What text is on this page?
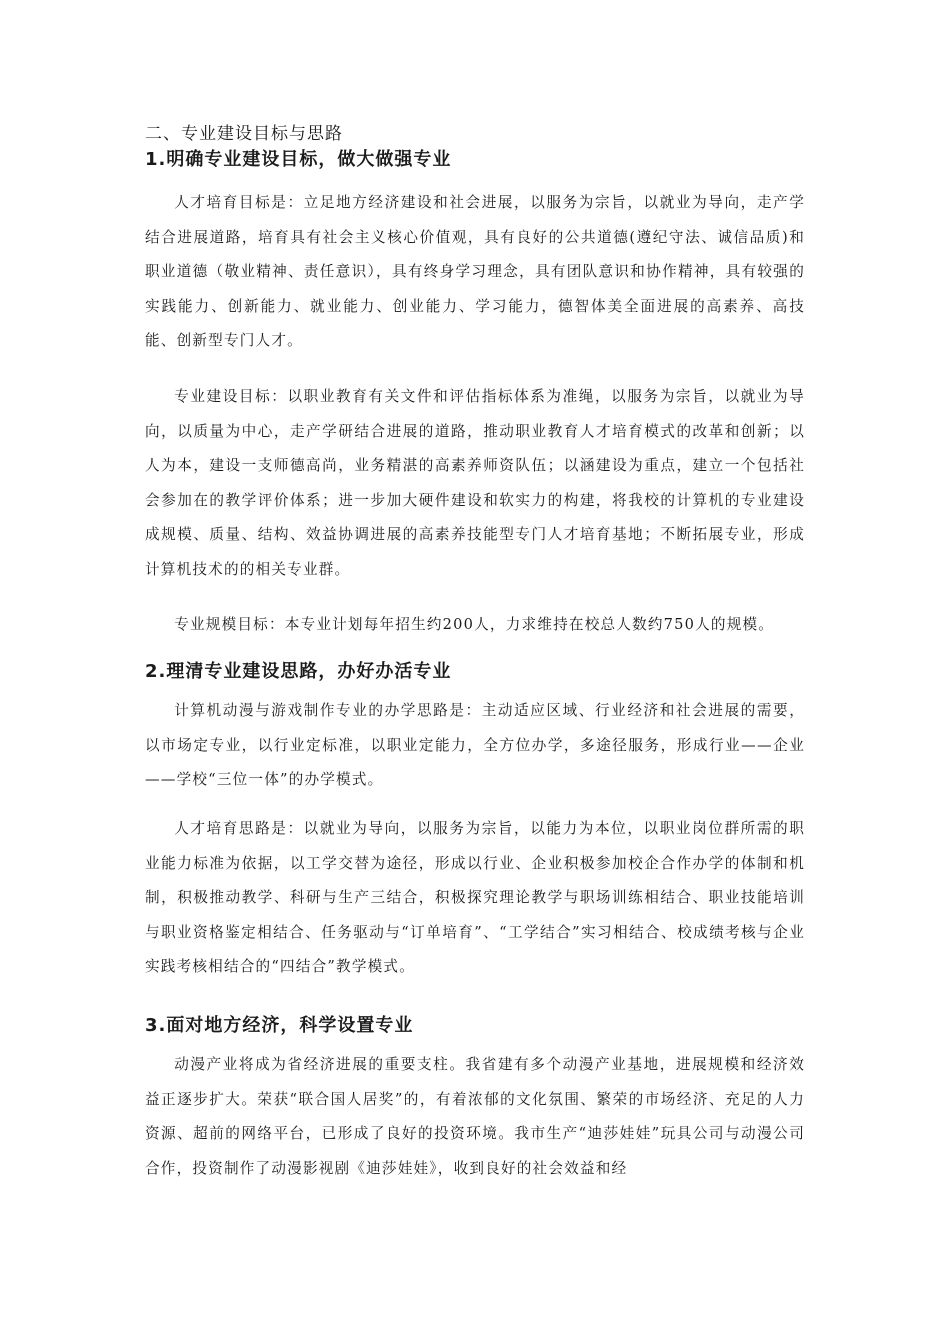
二、专业建设目标与思路
1.明确专业建设目标，做大做强专业
人才培育目标是：立足地方经济建设和社会进展，以服务为宗旨，以就业为导向，走产学结合进展道路，培育具有社会主义核心价值观，具有良好的公共道德(遵纪守法、诚信品质)和职业道德（敬业精神、责任意识），具有终身学习理念，具有团队意识和协作精神，具有较强的实践能力、创新能力、就业能力、创业能力、学习能力，德智体美全面进展的高素养、高技能、创新型专门人才。
专业建设目标：以职业教育有关文件和评估指标体系为准绳，以服务为宗旨，以就业为导向，以质量为中心，走产学研结合进展的道路，推动职业教育人才培育模式的改革和创新；以人为本，建设一支师德高尚，业务精湛的高素养师资队伍；以涵建设为重点，建立一个包括社会参加在的教学评价体系；进一步加大硬件建设和软实力的构建，将我校的计算机的专业建设成规模、质量、结构、效益协调进展的高素养技能型专门人才培育基地；不断拓展专业，形成计算机技术的的相关专业群。
专业规模目标：本专业计划每年招生约200人，力求维持在校总人数约750人的规模。
2.理清专业建设思路，办好办活专业
计算机动漫与游戏制作专业的办学思路是：主动适应区域、行业经济和社会进展的需要，以市场定专业，以行业定标准，以职业定能力，全方位办学，多途径服务，形成行业——企业——学校“三位一体”的办学模式。
人才培育思路是：以就业为导向，以服务为宗旨，以能力为本位，以职业岗位群所需的职业能力标准为依据，以工学交替为途径，形成以行业、企业积极参加校企合作办学的体制和机制，积极推动教学、科研与生产三结合，积极探究理论教学与职场训练相结合、职业技能培训与职业资格鉴定相结合、任务驱动与“订单培育”、“工学结合”实习相结合、校成绩考核与企业实践考核相结合的“四结合”教学模式。
3.面对地方经济，科学设置专业
动漫产业将成为省经济进展的重要支柱。我省建有多个动漫产业基地，进展规模和经济效益正逐步扩大。荣获“联合国人居奖”的，有着浓郁的文化氛围、繁荣的市场经济、充足的人力资源、超前的网络平台，已形成了良好的投资环境。我市生产“迪莎娃娃”玩具公司与动漫公司合作，投资制作了动漫影视剧《迪莎娃娃》，收到良好的社会效益和经
